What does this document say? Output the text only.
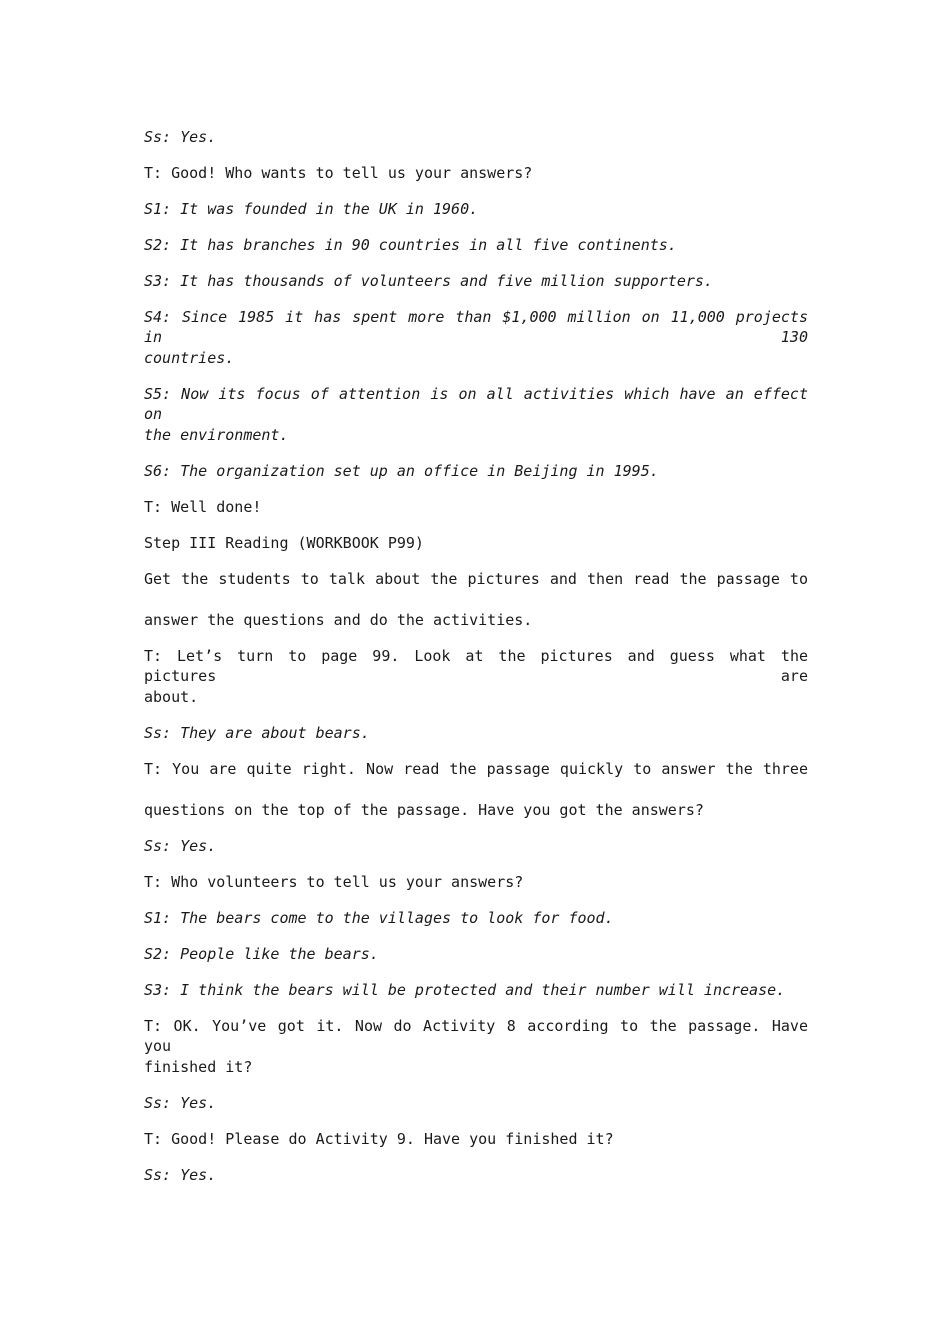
Ss: Yes.
T: Good! Who wants to tell us your answers?
S1: It was founded in the UK in 1960.
S2: It has branches in 90 countries in all five continents.
S3: It has thousands of volunteers and five million supporters.
S4: Since 1985 it has spent more than $1,000 million on 11,000 projects in 130
countries.
S5: Now its focus of attention is on all activities which have an effect on
the environment.
S6: The organization set up an office in Beijing in 1995.
T: Well done!
Step III Reading (WORKBOOK P99)
Get the students to talk about the pictures and then read the passage to
answer the questions and do the activities.
T: Let’s turn to page 99. Look at the pictures and guess what the pictures are
about.
Ss: They are about bears.
T: You are quite right. Now read the passage quickly to answer the three
questions on the top of the passage. Have you got the answers?
Ss: Yes.
T: Who volunteers to tell us your answers?
S1: The bears come to the villages to look for food.
S2: People like the bears.
S3: I think the bears will be protected and their number will increase.
T: OK. You’ve got it. Now do Activity 8 according to the passage. Have you
finished it?
Ss: Yes.
T: Good! Please do Activity 9. Have you finished it?
Ss: Yes.
